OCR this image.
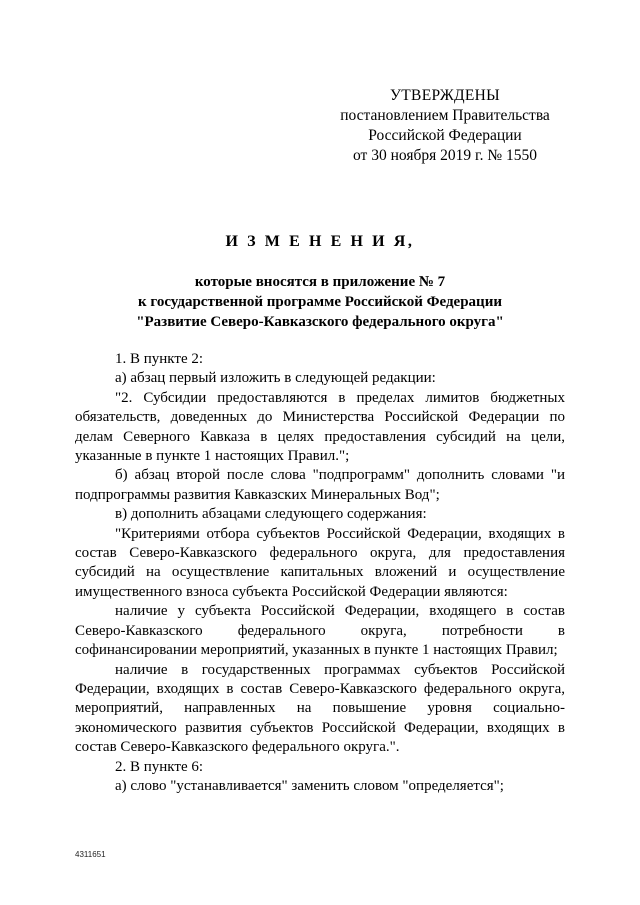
УТВЕРЖДЕНЫ
постановлением Правительства
Российской Федерации
от 30 ноября 2019 г. № 1550
И З М Е Н Е Н И Я,
которые вносятся в приложение № 7
к государственной программе Российской Федерации
"Развитие Северо-Кавказского федерального округа"

1. В пункте 2:

а) абзац первый изложить в следующей редакции:

"2. Субсидии предоставляются в пределах лимитов бюджетных обязательств, доведенных до Министерства Российской Федерации по делам Северного Кавказа в целях предоставления субсидий на цели, указанные в пункте 1 настоящих Правил.";

б) абзац второй после слова "подпрограмм" дополнить словами "и подпрограммы развития Кавказских Минеральных Вод";

в) дополнить абзацами следующего содержания:

"Критериями отбора субъектов Российской Федерации, входящих в состав Северо-Кавказского федерального округа, для предоставления субсидий на осуществление капитальных вложений и осуществление имущественного взноса субъекта Российской Федерации являются:

наличие у субъекта Российской Федерации, входящего в состав Северо-Кавказского федерального округа, потребности в софинансировании мероприятий, указанных в пункте 1 настоящих Правил;

наличие в государственных программах субъектов Российской Федерации, входящих в состав Северо-Кавказского федерального округа, мероприятий, направленных на повышение уровня социально-экономического развития субъектов Российской Федерации, входящих в состав Северо-Кавказского федерального округа.".

2. В пункте 6:

а) слово "устанавливается" заменить словом "определяется";

4311651
